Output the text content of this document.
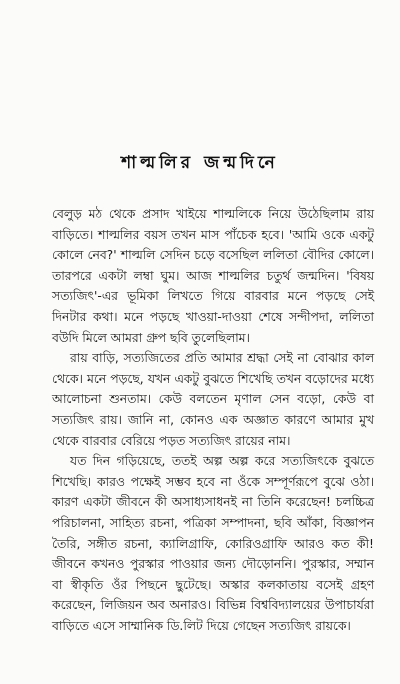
শাল্মলির জন্মদিনে

বেলুড় মঠ থেকে প্রসাদ খাইয়ে শাল্মলিকে নিয়ে উঠেছিলাম রায় বাড়িতে। শাল্মলির বয়স তখন মাস পাঁচেক হবে। 'আমি ওকে একটু কোলে নেব?' শাল্মলি সেদিন চড়ে বসেছিল ললিতা বৌদির কোলে। তারপরে একটা লম্বা ঘুম। আজ শাল্মলির চতুর্থ জন্মদিন। 'বিষয় সত্যজিৎ'-এর ভূমিকা লিখতে গিয়ে বারবার মনে পড়ছে সেই দিনটার কথা। মনে পড়ছে খাওয়া-দাওয়া শেষে সন্দীপদা, ললিতা বউদি মিলে আমরা গ্রুপ ছবি তুলেছিলাম।

রায় বাড়ি, সত্যজিতের প্রতি আমার শ্রদ্ধা সেই না বোঝার কাল থেকে। মনে পড়ছে, যখন একটু বুঝতে শিখেছি তখন বড়োদের মধ্যে আলোচনা শুনতাম। কেউ বলতেন মৃণাল সেন বড়ো, কেউ বা সত্যজিৎ রায়। জানি না, কোনও এক অজ্ঞাত কারণে আমার মুখ থেকে বারবার বেরিয়ে পড়ত সত্যজিৎ রায়ের নাম।

যত দিন গড়িয়েছে, ততই অল্প অল্প করে সত্যজিৎকে বুঝতে শিখেছি। কারও পক্ষেই সম্ভব হবে না ওঁকে সম্পূর্ণরূপে বুঝে ওঠা। কারণ একটা জীবনে কী অসাধ্যসাধনই না তিনি করেছেন! চলচ্চিত্র পরিচালনা, সাহিত্য রচনা, পত্রিকা সম্পাদনা, ছবি আঁকা, বিজ্ঞাপন তৈরি, সঙ্গীত রচনা, ক্যালিগ্রাফি, কোরিওগ্রাফি আরও কত কী! জীবনে কখনও পুরস্কার পাওয়ার জন্য দৌড়োননি। পুরস্কার, সম্মান বা স্বীকৃতি ওঁর পিছনে ছুটেছে। অস্কার কলকাতায় বসেই গ্রহণ করেছেন, লিজিয়ন অব অনারও। বিভিন্ন বিশ্ববিদ্যালয়ের উপাচার্যরা বাড়িতে এসে সাম্মানিক ডি.লিট দিয়ে গেছেন সত্যজিৎ রায়কে।
